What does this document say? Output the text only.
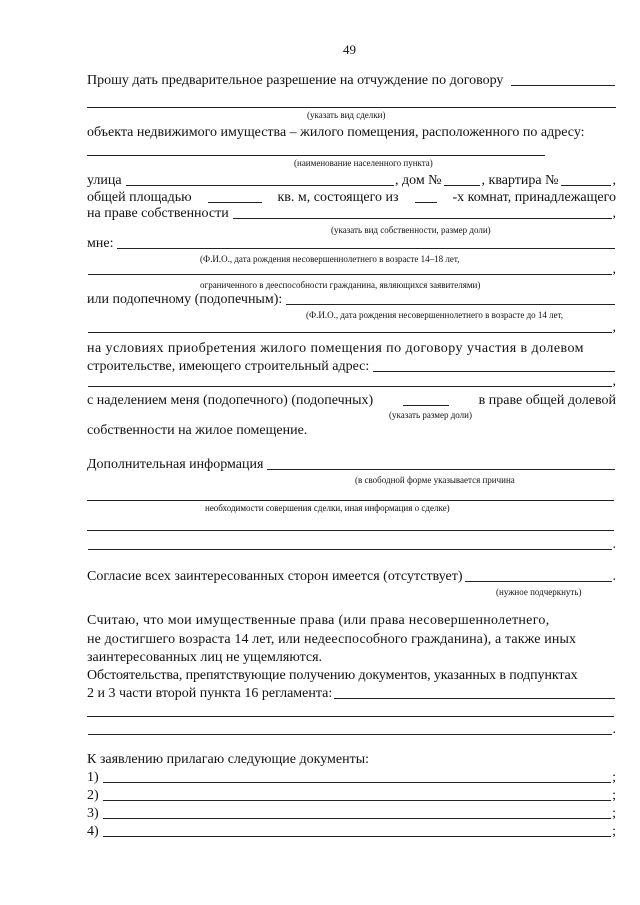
49
Прошу дать предварительное разрешение на отчуждение по договору
(указать вид сделки)
объекта недвижимого имущества – жилого помещения, расположенного по адресу:
(наименование населенного пункта)
улица	, дом №	, квартира №	,
общей площадью	кв. м, состоящего из	-х комнат, принадлежащего
на праве собственности	,
(указать вид собственности, размер доли)
мне:
(Ф.И.О., дата рождения несовершеннолетнего в возрасте 14–18 лет,
,
ограниченного в дееспособности гражданина, являющихся заявителями)
или подопечному (подопечным):
(Ф.И.О., дата рождения несовершеннолетнего в возрасте до 14 лет,
,
на условиях приобретения жилого помещения по договору участия в долевом
строительстве, имеющего строительный адрес:
,
с наделением меня (подопечного) (подопечных)	в праве общей долевой
(указать размер доли)
собственности на жилое помещение.
Дополнительная информация
(в свободной форме указывается причина
необходимости совершения сделки, иная информация о сделке)
.
Согласие всех заинтересованных сторон имеется (отсутствует)	.
(нужное подчеркнуть)
Считаю, что мои имущественные права (или права несовершеннолетнего,
не достигшего возраста 14 лет, или недееспособного гражданина), а также иных
заинтересованных лиц не ущемляются.
Обстоятельства, препятствующие получению документов, указанных в подпунктах
2 и 3 части второй пункта 16 регламента:
.
К заявлению прилагаю следующие документы:
1)	;
2)	;
3)	;
4)	;
